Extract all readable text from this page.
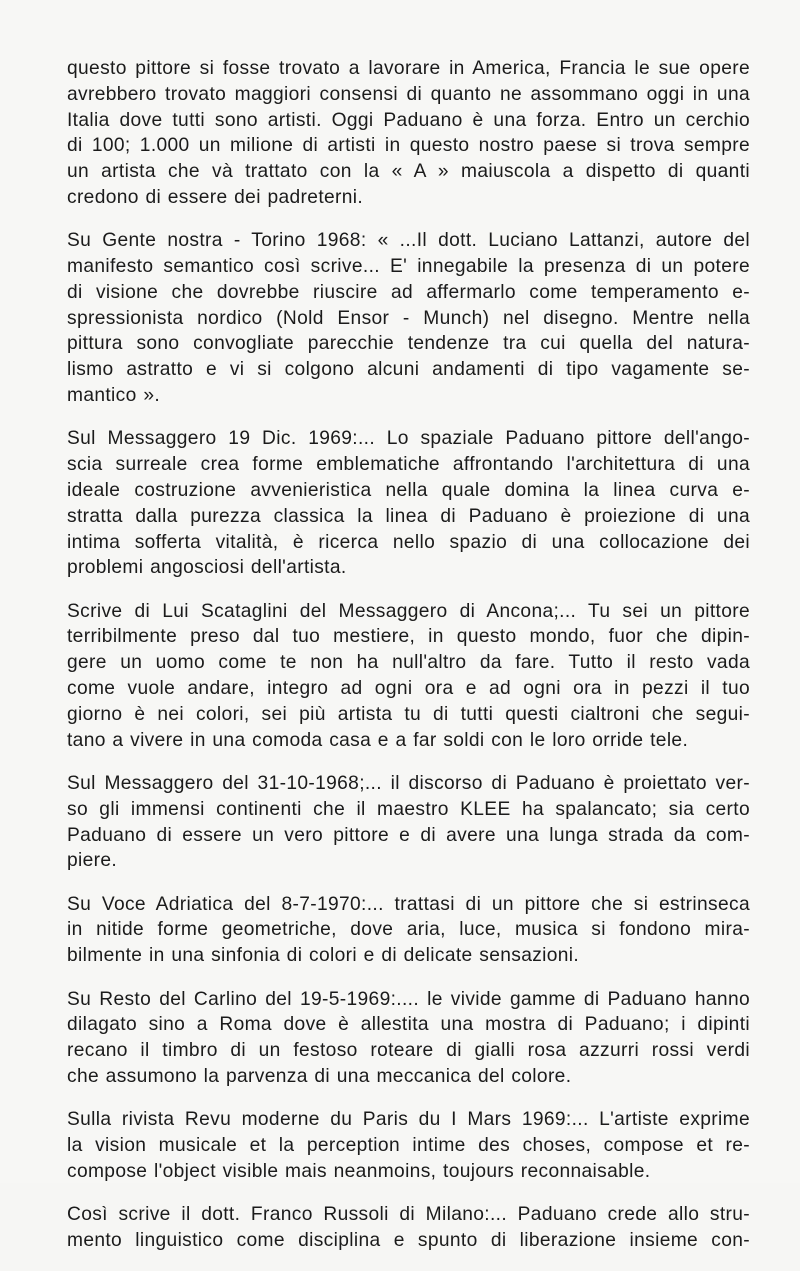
questo pittore si fosse trovato a lavorare in America, Francia le sue opere
avrebbero trovato maggiori consensi di quanto ne assommano oggi in una
Italia dove tutti sono artisti. Oggi Paduano è una forza. Entro un cerchio
di 100; 1.000 un milione di artisti in questo nostro paese si trova sempre
un artista che và trattato con la « A » maiuscola a dispetto di quanti
credono di essere dei padreterni.
Su Gente nostra - Torino 1968: « ...Il dott. Luciano Lattanzi, autore del
manifesto semantico così scrive... E' innegabile la presenza di un potere
di visione che dovrebbe riuscire ad affermarlo come temperamento e-
spressionista nordico (Nold Ensor - Munch) nel disegno. Mentre nella
pittura sono convogliate parecchie tendenze tra cui quella del natura-
lismo astratto e vi si colgono alcuni andamenti di tipo vagamente se-
mantico ».
Sul Messaggero 19 Dic. 1969:... Lo spaziale Paduano pittore dell'ango-
scia surreale crea forme emblematiche affrontando l'architettura di una
ideale costruzione avvenieristica nella quale domina la linea curva e-
stratta dalla purezza classica la linea di Paduano è proiezione di una
intima sofferta vitalità, è ricerca nello spazio di una collocazione dei
problemi angosciosi dell'artista.
Scrive di Lui Scataglini del Messaggero di Ancona;... Tu sei un pittore
terribilmente preso dal tuo mestiere, in questo mondo, fuor che dipin-
gere un uomo come te non ha null'altro da fare. Tutto il resto vada
come vuole andare, integro ad ogni ora e ad ogni ora in pezzi il tuo
giorno è nei colori, sei più artista tu di tutti questi cialtroni che segui-
tano a vivere in una comoda casa e a far soldi con le loro orride tele.
Sul Messaggero del 31-10-1968;... il discorso di Paduano è proiettato ver-
so gli immensi continenti che il maestro KLEE ha spalancato; sia certo
Paduano di essere un vero pittore e di avere una lunga strada da com-
piere.
Su Voce Adriatica del 8-7-1970:... trattasi di un pittore che si estrinseca
in nitide forme geometriche, dove aria, luce, musica si fondono mira-
bilmente in una sinfonia di colori e di delicate sensazioni.
Su Resto del Carlino del 19-5-1969:.... le vivide gamme di Paduano hanno
dilagato sino a Roma dove è allestita una mostra di Paduano; i dipinti
recano il timbro di un festoso roteare di gialli rosa azzurri rossi verdi
che assumono la parvenza di una meccanica del colore.
Sulla rivista Revu moderne du Paris du I Mars 1969:... L'artiste exprime
la vision musicale et la perception intime des choses, compose et re-
compose l'object visible mais neanmoins, toujours reconnaisable.
Così scrive il dott. Franco Russoli di Milano:... Paduano crede allo stru-
mento linguistico come disciplina e spunto di liberazione insieme con-
